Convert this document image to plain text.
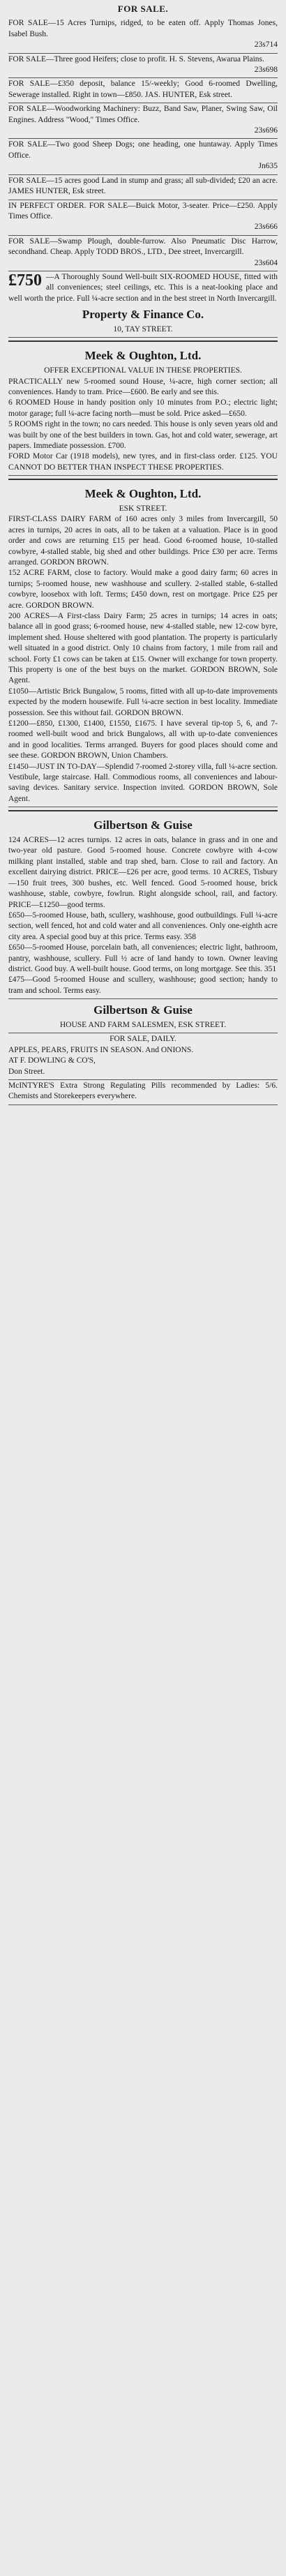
FOR SALE.

FOR SALE—15 Acres Turnips, ridged, to be eaten off. Apply Thomas Jones, Isabel Bush.

23s714

FOR SALE—Three good Heifers; close to profit. H. S. Stevens, Awarua Plains.

23s698

FOR SALE—£350 deposit, balance 15/-weekly; Good 6-roomed Dwelling, Sewerage installed. Right in town—£850. JAS. HUNTER, Esk street.

FOR SALE—Woodworking Machinery: Buzz, Band Saw, Planer, Swing Saw, Oil Engines. Address "Wood," Times Office.

23s696

FOR SALE—Two good Sheep Dogs; one heading, one huntaway. Apply Times Office.

Jn635

FOR SALE—15 acres good Land in stump and grass; all sub-divided; £20 an acre. JAMES HUNTER, Esk street.

IN PERFECT ORDER. FOR SALE—Buick Motor, 3-seater. Price—£250. Apply Times Office.

23s666

FOR SALE—Swamp Plough, double-furrow. Also Pneumatic Disc Harrow, secondhand. Cheap. Apply TODD BROS., LTD., Dee street, Invercargill.

23s604

£750 —A Thoroughly Sound Well-built SIX-ROOMED HOUSE, fitted with all conveniences; steel ceilings, etc. This is a neat-looking place and well worth the price. Full ¼-acre section and in the best street in North Invercargill.

Property & Finance Co.
10, TAY STREET.
Meek & Oughton, Ltd.
OFFER EXCEPTIONAL VALUE IN THESE PROPERTIES.

PRACTICALLY new 5-roomed sound House, ¼-acre, high corner section; all conveniences. Handy to tram. Price—£600. Be early and see this.

6 ROOMED House in handy position only 10 minutes from P.O.; electric light; motor garage; full ¼-acre facing north—must be sold. Price asked—£650.

5 ROOMS right in the town; no cars needed. This house is only seven years old and was built by one of the best builders in town. Gas, hot and cold water, sewerage, art papers. Immediate possession. £700.

FORD Motor Car (1918 models), new tyres, and in first-class order. £125. YOU CANNOT DO BETTER THAN INSPECT THESE PROPERTIES.

Meek & Oughton, Ltd.
ESK STREET.

FIRST-CLASS DAIRY FARM of 160 acres only 3 miles from Invercargill, 50 acres in turnips, 20 acres in oats, all to be taken at a valuation. Place is in good order and cows are returning £15 per head. Good 6-roomed house, 10-stalled cowbyre, 4-stalled stable, big shed and other buildings. Price £30 per acre. Terms arranged. GORDON BROWN.

152 ACRE FARM, close to factory. Would make a good dairy farm; 60 acres in turnips; 5-roomed house, new washhouse and scullery. 2-stalled stable, 6-stalled cowbyre, loosebox with loft. Terms; £450 down, rest on mortgage. Price £25 per acre. GORDON BROWN.

200 ACRES—A First-class Dairy Farm; 25 acres in turnips; 14 acres in oats; balance all in good grass; 6-roomed house, new 4-stalled stable, new 12-cow byre, implement shed. House sheltered with good plantation. The property is particularly well situated in a good district. Only 10 chains from factory, 1 mile from rail and school. Forty £1 cows can be taken at £15. Owner will exchange for town property. This property is one of the best buys on the market. GORDON BROWN, Sole Agent.

£1050—Artistic Brick Bungalow, 5 rooms, fitted with all up-to-date improvements expected by the modern housewife. Full ¼-acre section in best locality. Immediate possession. See this without fail. GORDON BROWN.

£1200—£850, £1300, £1400, £1550, £1675. I have several tip-top 5, 6, and 7-roomed well-built wood and brick Bungalows, all with up-to-date conveniences and in good localities. Terms arranged. Buyers for good places should come and see these. GORDON BROWN, Union Chambers.

£1450—JUST IN TO-DAY—Splendid 7-roomed 2-storey villa, full ¼-acre section. Vestibule, large staircase. Hall. Commodious rooms, all conveniences and labour-saving devices. Sanitary service. Inspection invited. GORDON BROWN, Sole Agent.

Gilbertson & Guise

124 ACRES—12 acres turnips. 12 acres in oats, balance in grass and in one and two-year old pasture. Good 5-roomed house. Concrete cowbyre with 4-cow milking plant installed, stable and trap shed, barn. Close to rail and factory. An excellent dairying district. PRICE—£26 per acre, good terms. 10 ACRES, Tisbury—150 fruit trees, 300 bushes, etc. Well fenced. Good 5-roomed house, brick washhouse, stable, cowbyre, fowlrun. Right alongside school, rail, and factory. PRICE—£1250—good terms.

£650—5-roomed House, bath, scullery, washhouse, good outbuildings. Full ¼-acre section, well fenced, hot and cold water and all conveniences. Only one-eighth acre city area. A special good buy at this price. Terms easy. 358

£650—5-roomed House, porcelain bath, all conveniences; electric light, bathroom, pantry, washhouse, scullery. Full ½ acre of land handy to town. Owner leaving district. Good buy. A well-built house. Good terms, on long mortgage. See this. 351

£475—Good 5-roomed House and scullery, washhouse; good section; handy to tram and school. Terms easy.

Gilbertson & Guise
HOUSE AND FARM SALESMEN, ESK STREET.
FOR SALE, DAILY.

APPLES, PEARS, FRUITS IN SEASON. And ONIONS.

AT F. DOWLING & CO'S,

Don Street.

McINTYRE'S Extra Strong Regulating Pills recommended by Ladies: 5/6. Chemists and Storekeepers everywhere.
